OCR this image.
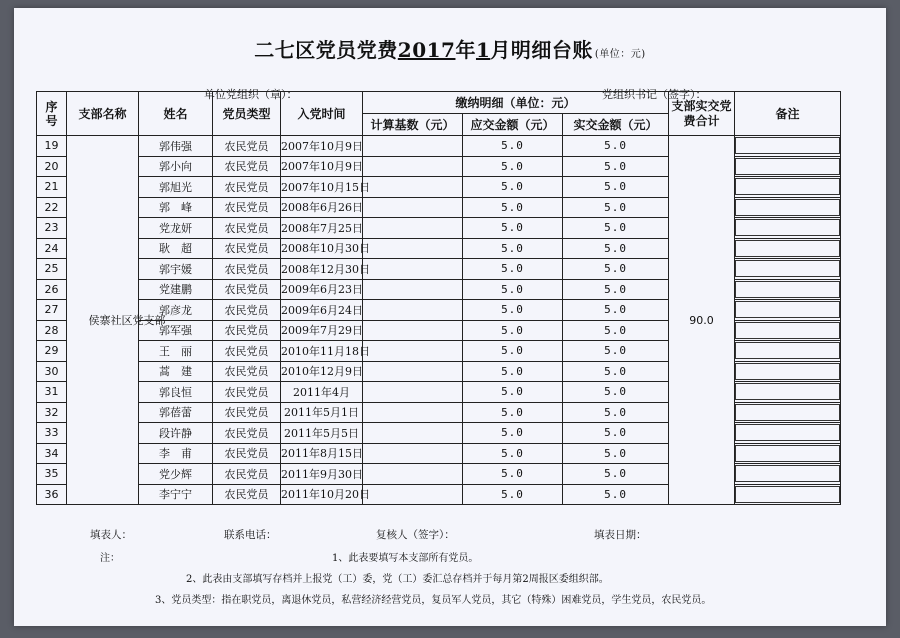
二七区党员党费2017年1月明细台账 (单位：元)
单位党组织（章）：	党组织书记（签字）：
序号	支部名称	姓名	党员类型	入党时间	缴纳明细（单位：元）			支部实交党费合计	备注
					计算基数（元）	应交金额（元）	实交金额（元）		
19	侯寨社区党支部	郭伟强	农民党员	2007年10月9日		5.0	5.0	90.0	

20		郭小向	农民党员	2007年10月9日		5.0	5.0		

21		郭旭光	农民党员	2007年10月15日		5.0	5.0		

22		郭　峰	农民党员	2008年6月26日		5.0	5.0		

23		党龙妍	农民党员	2008年7月25日		5.0	5.0		

24		耿　超	农民党员	2008年10月30日		5.0	5.0		

25		郭宇媛	农民党员	2008年12月30日		5.0	5.0		

26		党建鹏	农民党员	2009年6月23日		5.0	5.0		

27		郭彦龙	农民党员	2009年6月24日		5.0	5.0		

28		郭军强	农民党员	2009年7月29日		5.0	5.0		

29		王　丽	农民党员	2010年11月18日		5.0	5.0		

30		蒿　建	农民党员	2010年12月9日		5.0	5.0		

31		郭良恒	农民党员	2011年4月		5.0	5.0		

32		郭蓓蕾	农民党员	2011年5月1日		5.0	5.0		

33		段许静	农民党员	2011年5月5日		5.0	5.0		

34		李　甫	农民党员	2011年8月15日		5.0	5.0		

35		党少辉	农民党员	2011年9月30日		5.0	5.0		

36		李宁宁	农民党员	2011年10月20日		5.0	5.0		
填表人：	联系电话：	复核人（签字）：	填表日期：
注：	1、此表要填写本支部所有党员。
2、此表由支部填写存档并上报党（工）委，党（工）委汇总存档并于每月第2周报区委组织部。
3、党员类型：指在职党员，离退休党员，私营经济经营党员，复员军人党员，其它（特殊）困难党员，学生党员，农民党员。
